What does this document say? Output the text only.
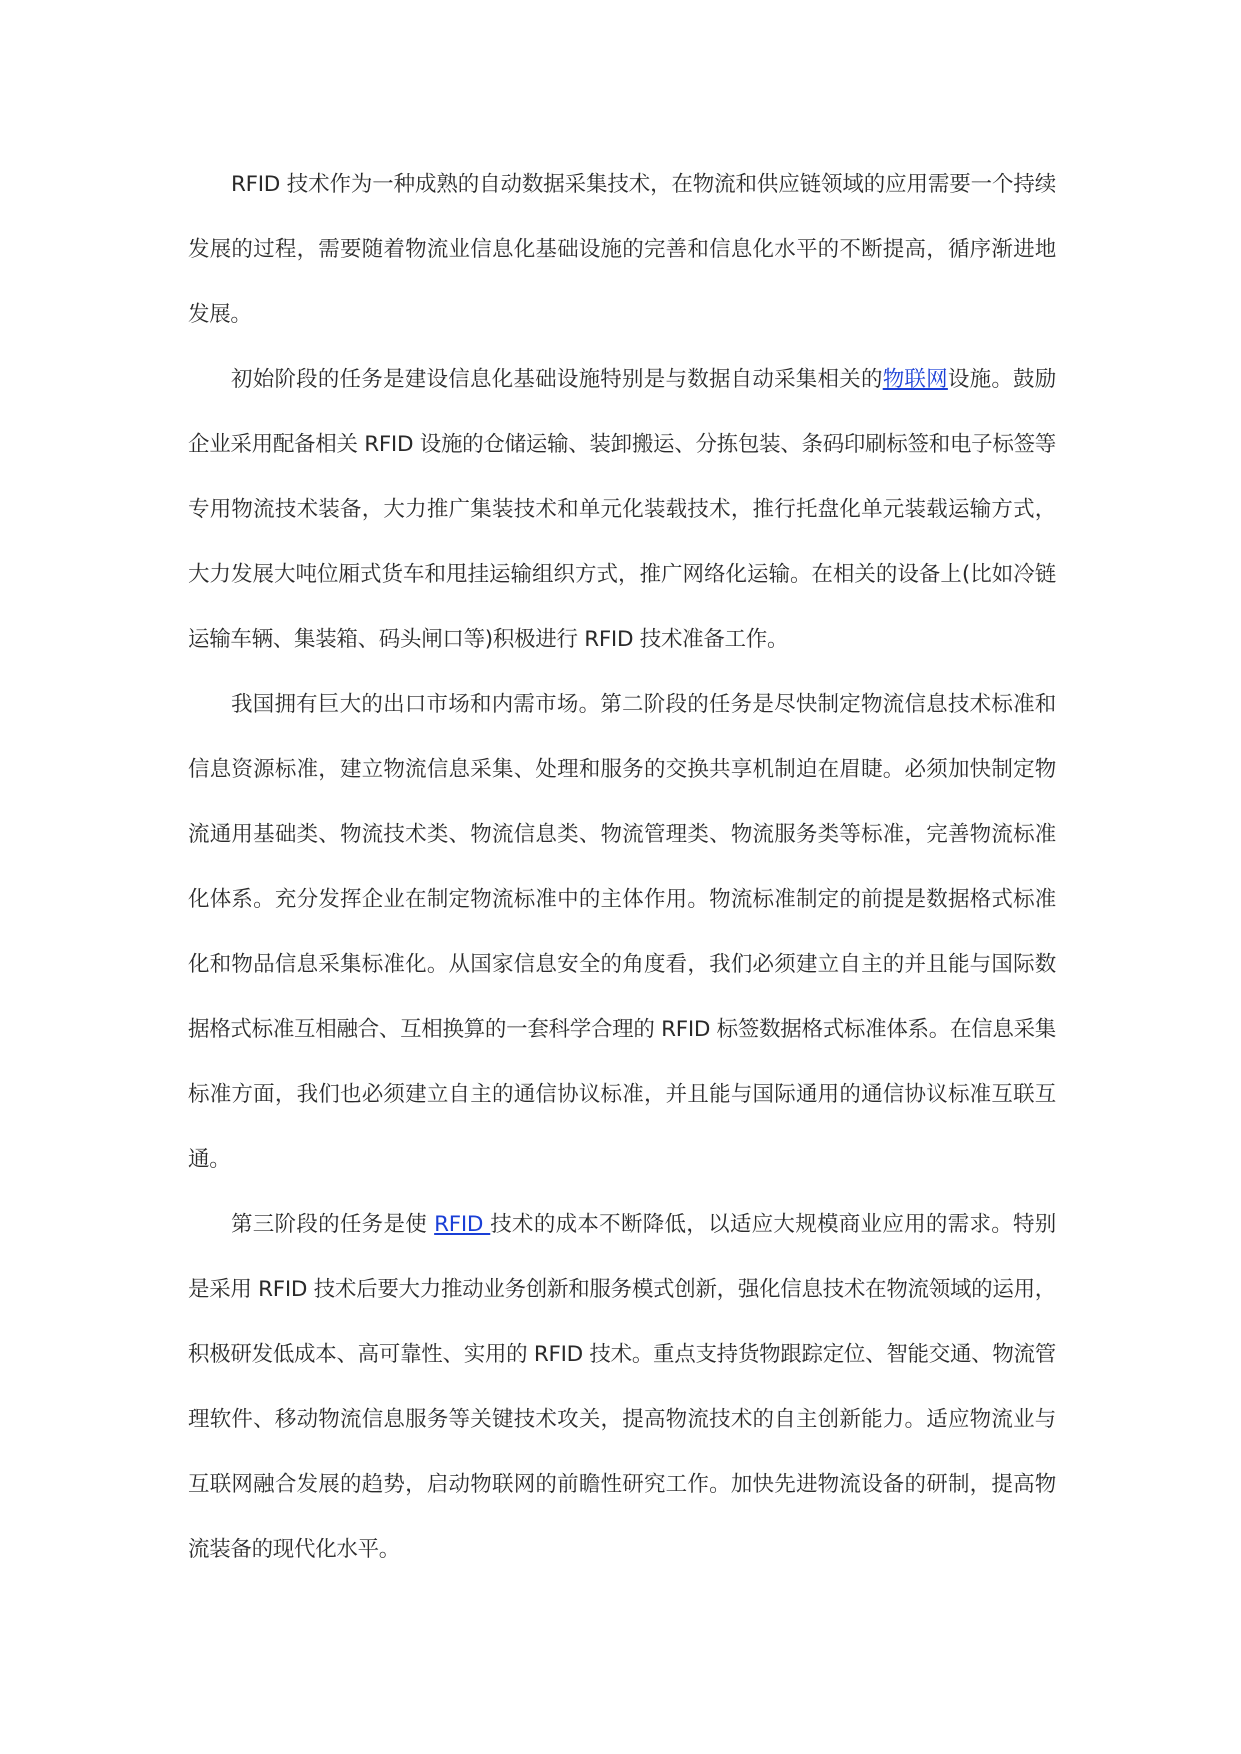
RFID 技术作为一种成熟的自动数据采集技术，在物流和供应链领域的应用需要一个持续发展的过程，需要随着物流业信息化基础设施的完善和信息化水平的不断提高，循序渐进地发展。

初始阶段的任务是建设信息化基础设施特别是与数据自动采集相关的物联网设施。鼓励企业采用配备相关 RFID 设施的仓储运输、装卸搬运、分拣包装、条码印刷标签和电子标签等专用物流技术装备，大力推广集装技术和单元化装载技术，推行托盘化单元装载运输方式，大力发展大吨位厢式货车和甩挂运输组织方式，推广网络化运输。在相关的设备上(比如冷链运输车辆、集装箱、码头闸口等)积极进行 RFID 技术准备工作。

我国拥有巨大的出口市场和内需市场。第二阶段的任务是尽快制定物流信息技术标准和信息资源标准，建立物流信息采集、处理和服务的交换共享机制迫在眉睫。必须加快制定物流通用基础类、物流技术类、物流信息类、物流管理类、物流服务类等标准，完善物流标准化体系。充分发挥企业在制定物流标准中的主体作用。物流标准制定的前提是数据格式标准化和物品信息采集标准化。从国家信息安全的角度看，我们必须建立自主的并且能与国际数据格式标准互相融合、互相换算的一套科学合理的 RFID 标签数据格式标准体系。在信息采集标准方面，我们也必须建立自主的通信协议标准，并且能与国际通用的通信协议标准互联互通。

第三阶段的任务是使 RFID 技术的成本不断降低，以适应大规模商业应用的需求。特别是采用 RFID 技术后要大力推动业务创新和服务模式创新，强化信息技术在物流领域的运用，积极研发低成本、高可靠性、实用的 RFID 技术。重点支持货物跟踪定位、智能交通、物流管理软件、移动物流信息服务等关键技术攻关，提高物流技术的自主创新能力。适应物流业与互联网融合发展的趋势，启动物联网的前瞻性研究工作。加快先进物流设备的研制，提高物流装备的现代化水平。
